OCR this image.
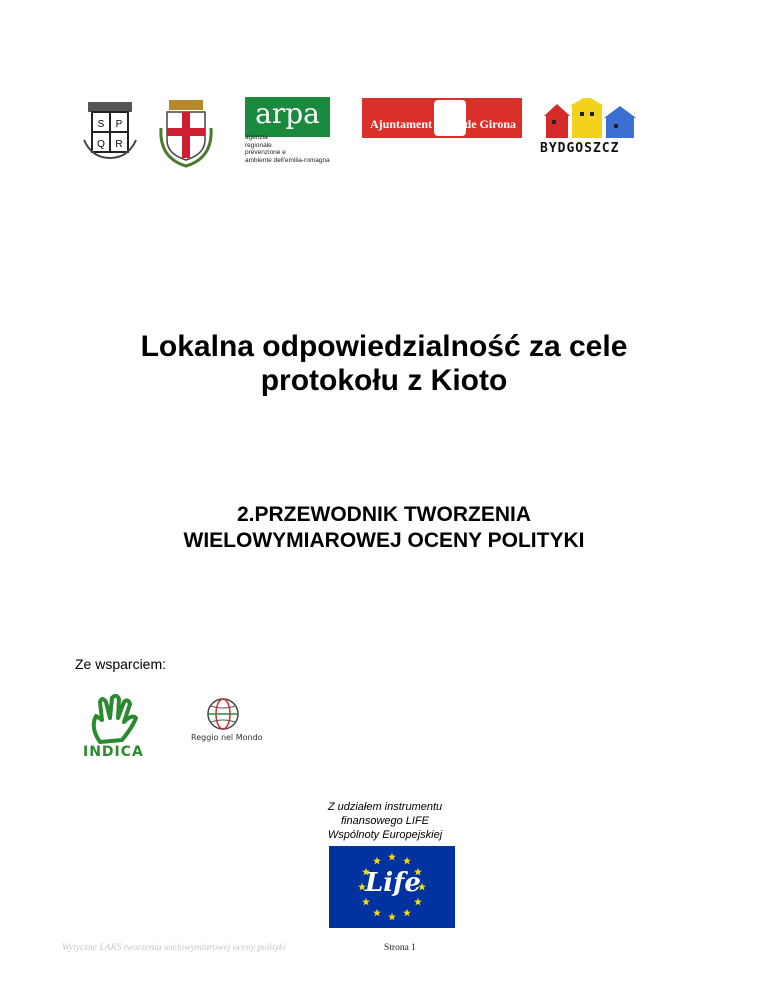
S P
Q R
arpa
agenzia
regionale
prevenzione e
ambiente dell'emilia-romagna
Ajuntament	de Girona
BYDGOSZCZ
Lokalna odpowiedzialność za cele
protokołu z Kioto
2.PRZEWODNIK TWORZENIA
WIELOWYMIAROWEJ OCENY POLITYKI
Ze wsparciem:
INDICA
Reggio nel Mondo
Z udziałem instrumentu
finansowego LIFE
Wspólnoty Europejskiej
Life
Wytyczne LAKS tworzenia wielowymiarowej oceny polityki	Strona 1
